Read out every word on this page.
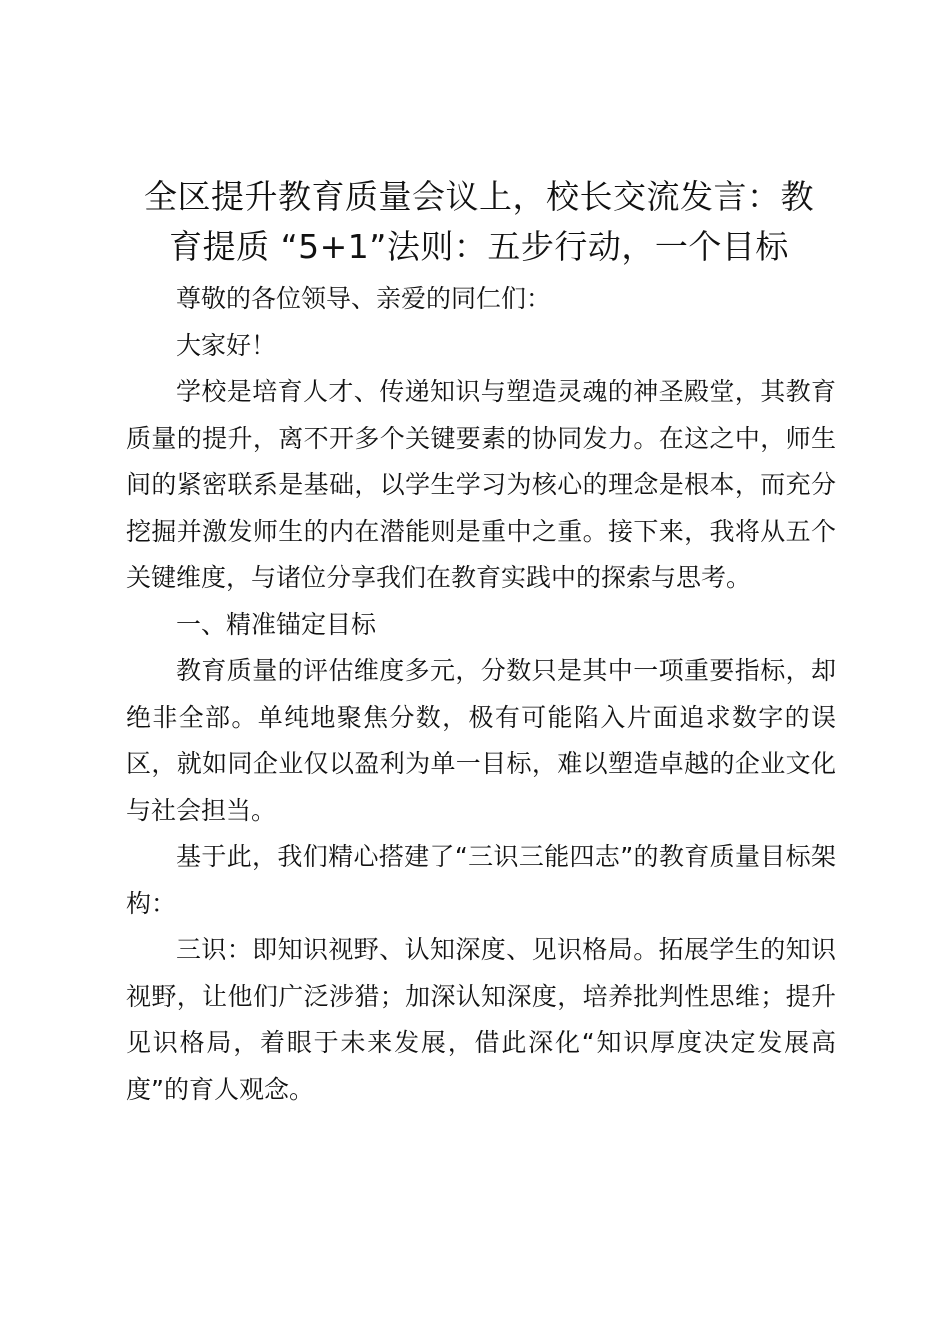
全区提升教育质量会议上，校长交流发言：教
育提质 “5+1”法则：五步行动，一个目标

尊敬的各位领导、亲爱的同仁们：

大家好！

学校是培育人才、传递知识与塑造灵魂的神圣殿堂，其教育质量的提升，离不开多个关键要素的协同发力。在这之中，师生间的紧密联系是基础，以学生学习为核心的理念是根本，而充分挖掘并激发师生的内在潜能则是重中之重。接下来，我将从五个关键维度，与诸位分享我们在教育实践中的探索与思考。

一、精准锚定目标

教育质量的评估维度多元，分数只是其中一项重要指标，却绝非全部。单纯地聚焦分数，极有可能陷入片面追求数字的误区，就如同企业仅以盈利为单一目标，难以塑造卓越的企业文化与社会担当。

基于此，我们精心搭建了“三识三能四志”的教育质量目标架构：

三识：即知识视野、认知深度、见识格局。拓展学生的知识视野，让他们广泛涉猎；加深认知深度，培养批判性思维；提升见识格局，着眼于未来发展，借此深化“知识厚度决定发展高度”的育人观念。
